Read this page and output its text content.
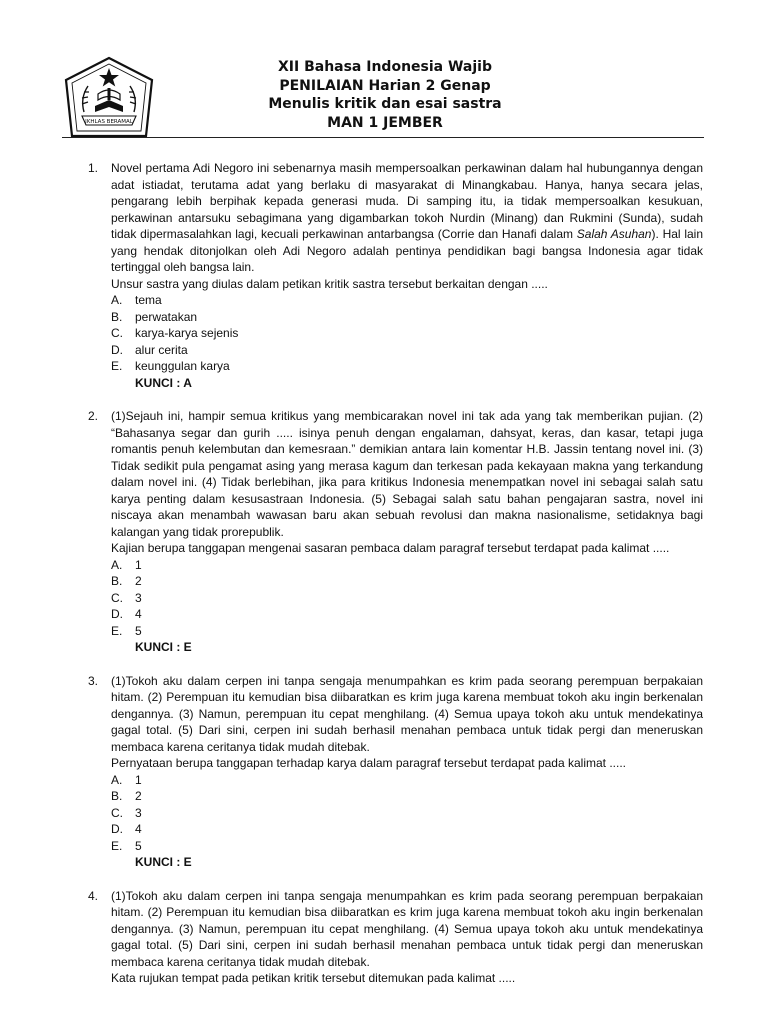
IKHLAS BERAMAL
XII Bahasa Indonesia Wajib
PENILAIAN Harian 2 Genap
Menulis kritik dan esai sastra
MAN 1 JEMBER
1. Novel pertama Adi Negoro ini sebenarnya masih mempersoalkan perkawinan dalam hal hubungannya dengan adat istiadat, terutama adat yang berlaku di masyarakat di Minangkabau. Hanya, hanya secara jelas, pengarang lebih berpihak kepada generasi muda. Di samping itu, ia tidak mempersoalkan kesukuan, perkawinan antarsuku sebagimana yang digambarkan tokoh Nurdin (Minang) dan Rukmini (Sunda), sudah tidak dipermasalahkan lagi, kecuali perkawinan antarbangsa (Corrie dan Hanafi dalam Salah Asuhan). Hal lain yang hendak ditonjolkan oleh Adi Negoro adalah pentinya pendidikan bagi bangsa Indonesia agar tidak tertinggal oleh bangsa lain.

Unsur sastra yang diulas dalam petikan kritik sastra tersebut berkaitan dengan .....

A. tema
B. perwatakan
C. karya-karya sejenis
D. alur cerita
E. keunggulan karya
KUNCI : A
2. (1)Sejauh ini, hampir semua kritikus yang membicarakan novel ini tak ada yang tak memberikan pujian. (2) “Bahasanya segar dan gurih ..... isinya penuh dengan engalaman, dahsyat, keras, dan kasar, tetapi juga romantis penuh kelembutan dan kemesraan.” demikian antara lain komentar H.B. Jassin tentang novel ini. (3) Tidak sedikit pula pengamat asing yang merasa kagum dan terkesan pada kekayaan makna yang terkandung dalam novel ini. (4) Tidak berlebihan, jika para kritikus Indonesia menempatkan novel ini sebagai salah satu karya penting dalam kesusastraan Indonesia. (5) Sebagai salah satu bahan pengajaran sastra, novel ini niscaya akan menambah wawasan baru akan sebuah revolusi dan makna nasionalisme, setidaknya bagi kalangan yang tidak prorepublik.

Kajian berupa tanggapan mengenai sasaran pembaca dalam paragraf tersebut terdapat pada kalimat .....

A. 1
B. 2
C. 3
D. 4
E. 5
KUNCI : E
3. (1)Tokoh aku dalam cerpen ini tanpa sengaja menumpahkan es krim pada seorang perempuan berpakaian hitam. (2) Perempuan itu kemudian bisa diibaratkan es krim juga karena membuat tokoh aku ingin berkenalan dengannya. (3) Namun, perempuan itu cepat menghilang. (4) Semua upaya tokoh aku untuk mendekatinya gagal total. (5) Dari sini, cerpen ini sudah berhasil menahan pembaca untuk tidak pergi dan meneruskan membaca karena ceritanya tidak mudah ditebak.

Pernyataan berupa tanggapan terhadap karya dalam paragraf tersebut terdapat pada kalimat .....

A. 1
B. 2
C. 3
D. 4
E. 5
KUNCI : E
4. (1)Tokoh aku dalam cerpen ini tanpa sengaja menumpahkan es krim pada seorang perempuan berpakaian hitam. (2) Perempuan itu kemudian bisa diibaratkan es krim juga karena membuat tokoh aku ingin berkenalan dengannya. (3) Namun, perempuan itu cepat menghilang. (4) Semua upaya tokoh aku untuk mendekatinya gagal total. (5) Dari sini, cerpen ini sudah berhasil menahan pembaca untuk tidak pergi dan meneruskan membaca karena ceritanya tidak mudah ditebak.

Kata rujukan tempat pada petikan kritik tersebut ditemukan pada kalimat .....
